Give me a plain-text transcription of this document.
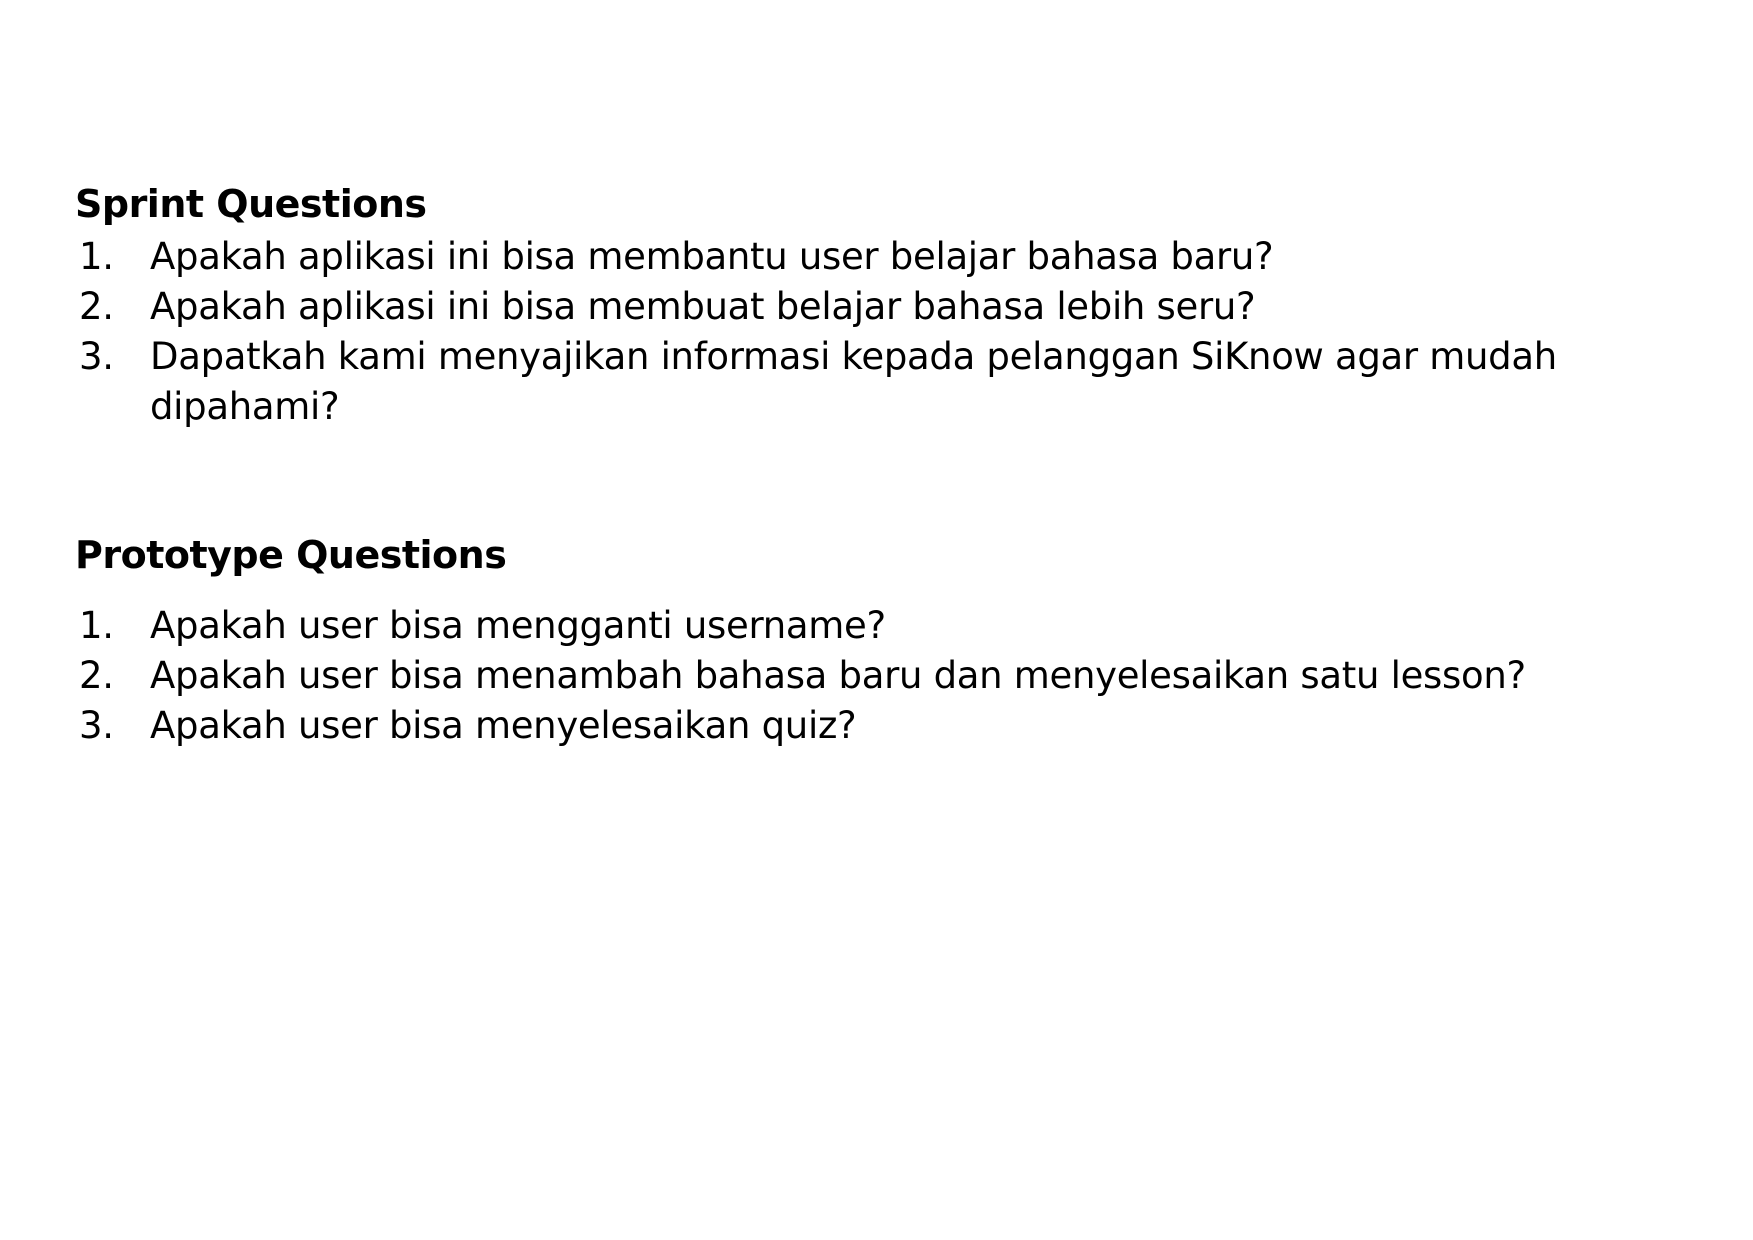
Sprint Questions
1. Apakah aplikasi ini bisa membantu user belajar bahasa baru?
2. Apakah aplikasi ini bisa membuat belajar bahasa lebih seru?
3. Dapatkah kami menyajikan informasi kepada pelanggan SiKnow agar mudah dipahami?
Prototype Questions
1. Apakah user bisa mengganti username?
2. Apakah user bisa menambah bahasa baru dan menyelesaikan satu lesson?
3. Apakah user bisa menyelesaikan quiz?
